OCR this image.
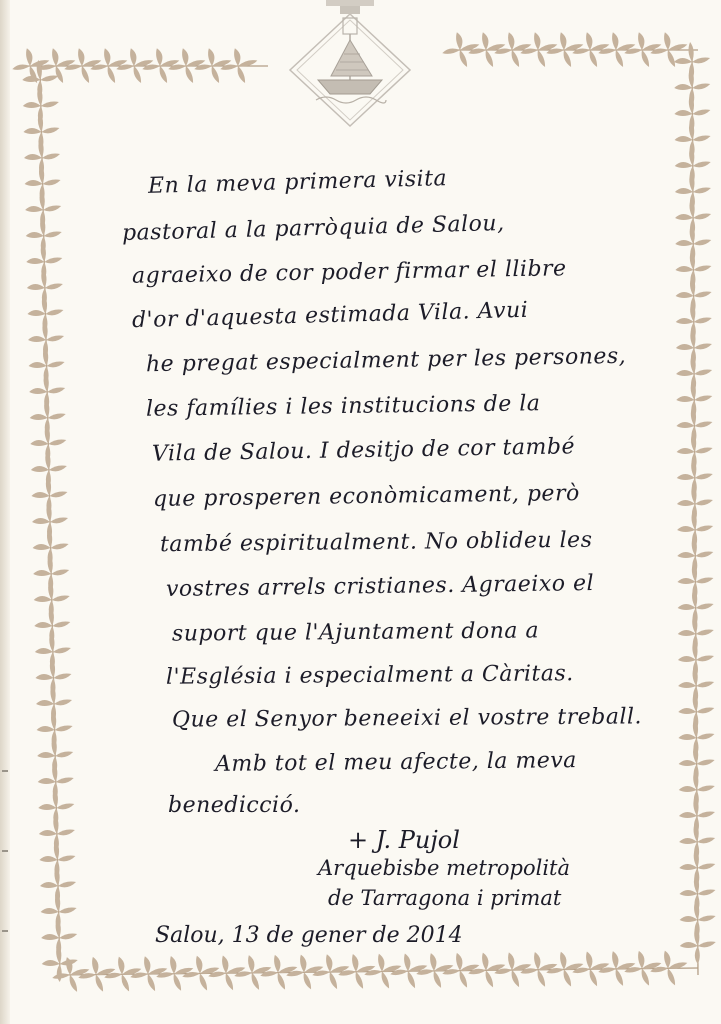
En la meva primera visita
pastoral a la parròquia de Salou,
agraeixo de cor poder firmar el llibre
d'or d'aquesta estimada Vila. Avui
he pregat especialment per les persones,
les famílies i les institucions de la
Vila de Salou. I desitjo de cor també
que prosperen econòmicament, però
també espiritualment. No oblideu les
vostres arrels cristianes. Agraeixo el
suport que l'Ajuntament dona a
l'Església i especialment a Càritas.
Que el Senyor beneeixi el vostre treball.
Amb tot el meu afecte, la meva
benedicció.
+ J. Pujol
Arquebisbe metropolità
de Tarragona i primat
Salou, 13 de gener de 2014
